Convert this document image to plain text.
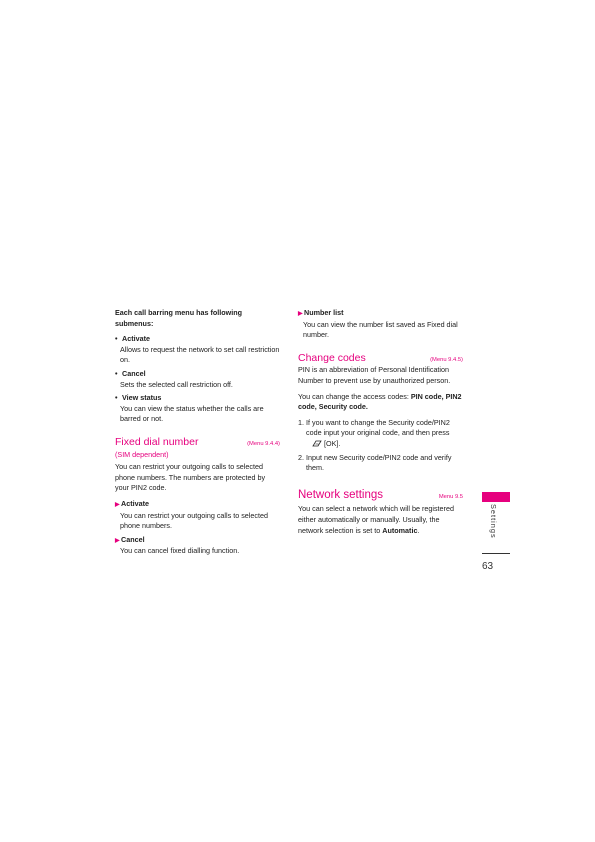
Each call barring menu has following submenus:

• Activate

Allows to request the network to set call restriction on.

• Cancel

Sets the selected call restriction off.

• View status

You can view the status whether the calls are barred or not.

Fixed dial number	(Menu 9.4.4)

(SIM dependent)

You can restrict your outgoing calls to selected phone numbers. The numbers are protected by your PIN2 code.

▶Activate

You can restrict your outgoing calls to selected phone numbers.

▶Cancel

You can cancel fixed dialling function.

▶Number list

You can view the number list saved as Fixed dial number.

Change codes	(Menu 9.4.5)

PIN is an abbreviation of Personal Identification Number to prevent use by unauthorized person.

You can change the access codes: PIN code, PIN2 code, Security code.

1. If you want to change the Security code/PIN2 code input your original code, and then press
[OK].
2. Input new Security code/PIN2 code and verify them.
Network settings	Menu 9.5

You can select a network which will be registered either automatically or manually. Usually, the network selection is set to Automatic.	Settings
63
